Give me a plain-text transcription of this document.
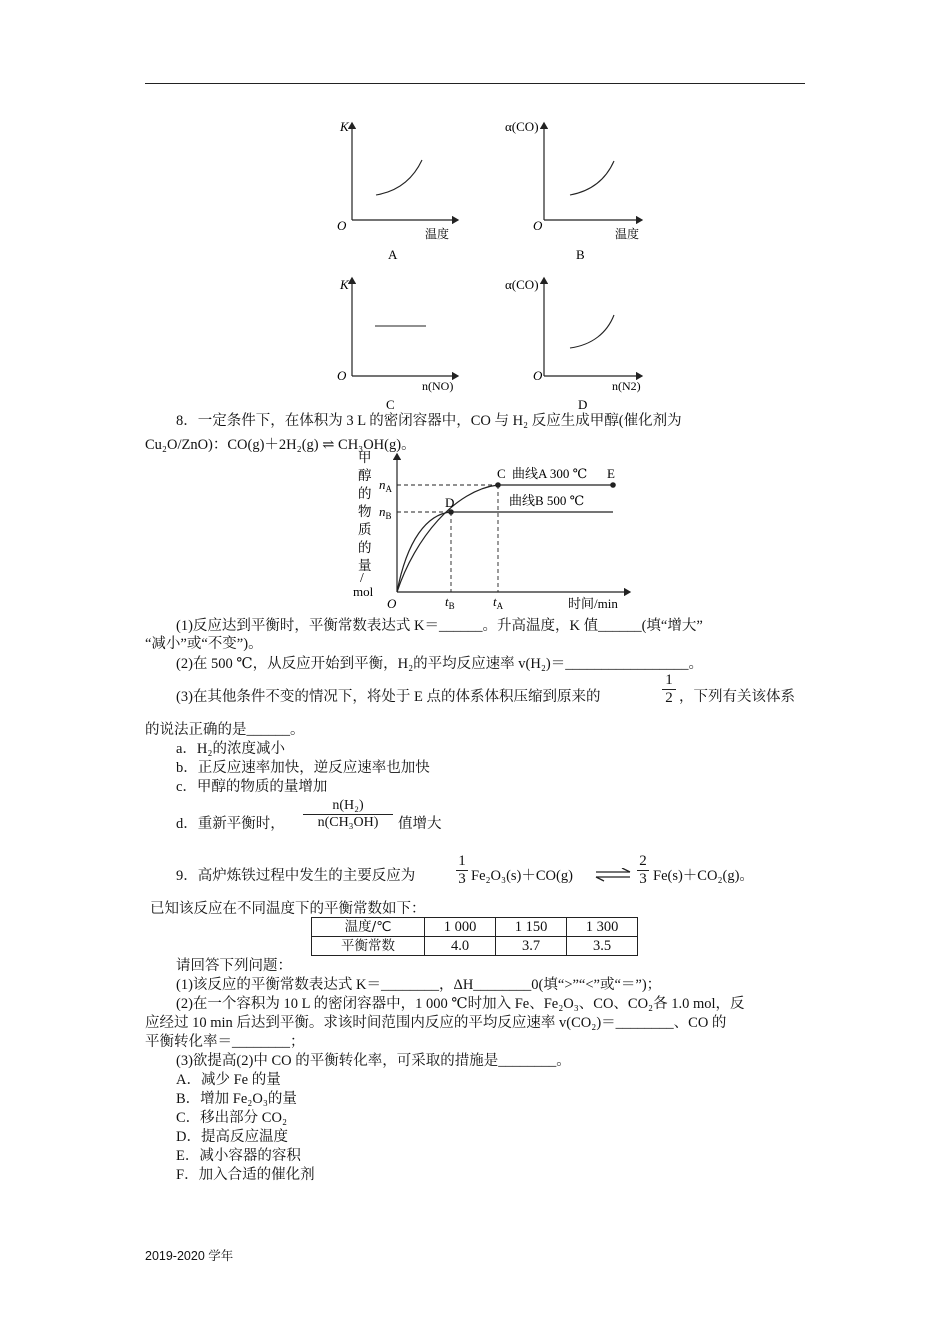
K
O
温度
A
α(CO)
O
温度
B
K
O
n(NO)
C
α(CO)
O
n(N2)
D
8．一定条件下，在体积为 3 L 的密闭容器中，CO 与 H₂ 反应生成甲醇(催化剂为
Cu₂O/ZnO)：CO(g)＋2H₂(g) ⇌ CH₃OH(g)。
甲
醇
的
物
质
的
量
/
mol
$n_A$
$n_B$
$t_B$	$t_A$
O
D
C	E
曲线A 300 ℃
曲线B 500 ℃
时间/min
(1)反应达到平衡时，平衡常数表达式 K＝______。升高温度，K 值______(填“增大”
“减小”或“不变”)。
(2)在 500 ℃，从反应开始到平衡，H₂的平均反应速率 v(H₂)＝_________________。
(3)在其他条件不变的情况下，将处于 E 点的体系体积压缩到原来的	$\frac{1}{2}$ ，下列有关该体系
的说法正确的是______。
a．H₂的浓度减小
b．正反应速率加快，逆反应速率也加快
c．甲醇的物质的量增加
d．重新平衡时， $\frac{\text{n(H₂)}}{\text{n(CH₃OH)}}$ 值增大
9．高炉炼铁过程中发生的主要反应为	$\frac{1}{3} Fe_2O_3(s)+CO(g)$ ⇌ $\frac{2}{3} Fe(s)+CO_2(g)$。
已知该反应在不同温度下的平衡常数如下：
温度/℃	1 000	1 150	1 300
平衡常数	4.0	3.7	3.5
请回答下列问题：
(1)该反应的平衡常数表达式 K＝________，ΔH________0(填“>”“<”或“＝”)；
(2)在一个容积为 10 L 的密闭容器中，1 000 ℃时加入 Fe、Fe₂O₃、CO、CO₂各 1.0 mol，反
应经过 10 min 后达到平衡。求该时间范围内反应的平均反应速率 v(CO₂)＝________、CO 的
平衡转化率＝________；
(3)欲提高(2)中 CO 的平衡转化率，可采取的措施是________。
A．减少 Fe 的量
B．增加 Fe₂O₃的量
C．移出部分 CO₂
D．提高反应温度
E．减小容器的容积
F．加入合适的催化剂
2019-2020 学年
